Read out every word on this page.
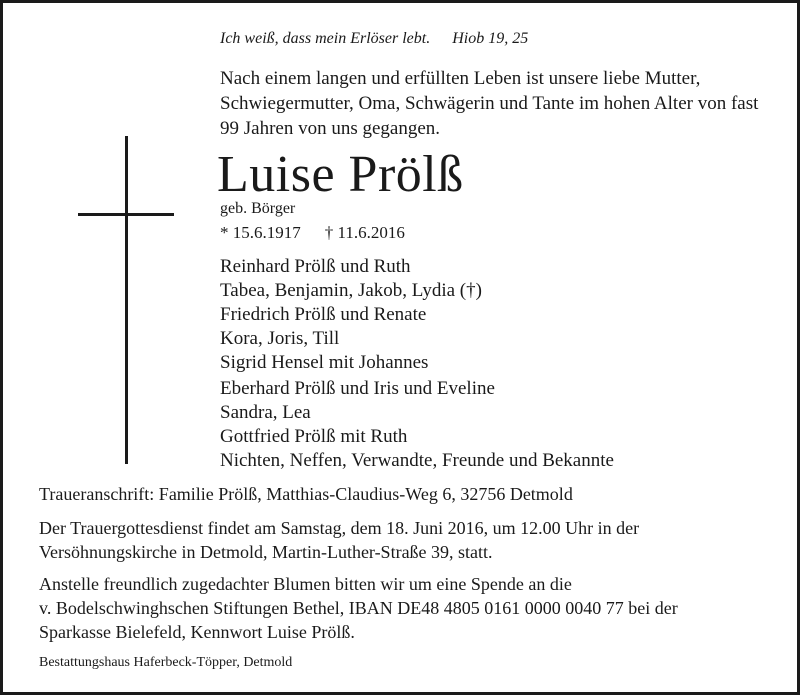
Ich weiß, dass mein Erlöser lebt. Hiob 19, 25
Nach einem langen und erfüllten Leben ist unsere liebe Mutter, Schwiegermutter, Oma, Schwägerin und Tante im hohen Alter von fast 99 Jahren von uns gegangen.
Luise Prölß
geb. Börger
* 15.6.1917 † 11.6.2016
Reinhard Prölß und Ruth
Tabea, Benjamin, Jakob, Lydia (†)
Friedrich Prölß und Renate
Kora, Joris, Till
Sigrid Hensel mit Johannes
Eberhard Prölß und Iris und Eveline
Sandra, Lea
Gottfried Prölß mit Ruth
Nichten, Neffen, Verwandte, Freunde und Bekannte
Traueranschrift: Familie Prölß, Matthias-Claudius-Weg 6, 32756 Detmold
Der Trauergottesdienst findet am Samstag, dem 18. Juni 2016, um 12.00 Uhr in der
Versöhnungskirche in Detmold, Martin-Luther-Straße 39, statt.
Anstelle freundlich zugedachter Blumen bitten wir um eine Spende an die
v. Bodelschwinghschen Stiftungen Bethel, IBAN DE48 4805 0161 0000 0040 77 bei der
Sparkasse Bielefeld, Kennwort Luise Prölß.
Bestattungshaus Haferbeck-Töpper, Detmold
